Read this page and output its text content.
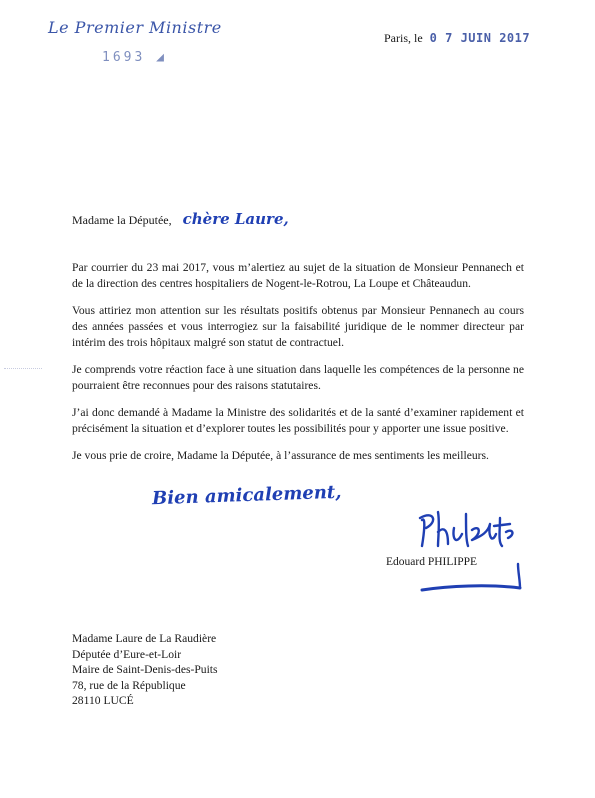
Le Premier Ministre
1693 ◢
Paris, le 0 7 JUIN 2017
Madame la Députée, chère Laure,

Par courrier du 23 mai 2017, vous m’alertiez au sujet de la situation de Monsieur Pennanech et de la direction des centres hospitaliers de Nogent-le-Rotrou, La Loupe et Châteaudun.

Vous attiriez mon attention sur les résultats positifs obtenus par Monsieur Pennanech au cours des années passées et vous interrogiez sur la faisabilité juridique de le nommer directeur par intérim des trois hôpitaux malgré son statut de contractuel.

Je comprends votre réaction face à une situation dans laquelle les compétences de la personne ne pourraient être reconnues pour des raisons statutaires.

J’ai donc demandé à Madame la Ministre des solidarités et de la santé d’examiner rapidement et précisément la situation et d’explorer toutes les possibilités pour y apporter une issue positive.

Je vous prie de croire, Madame la Députée, à l’assurance de mes sentiments les meilleurs.

Bien amicalement,
Edouard PHILIPPE
Madame Laure de La Raudière
Députée d’Eure-et-Loir
Maire de Saint-Denis-des-Puits
78, rue de la République
28110 LUCÉ
